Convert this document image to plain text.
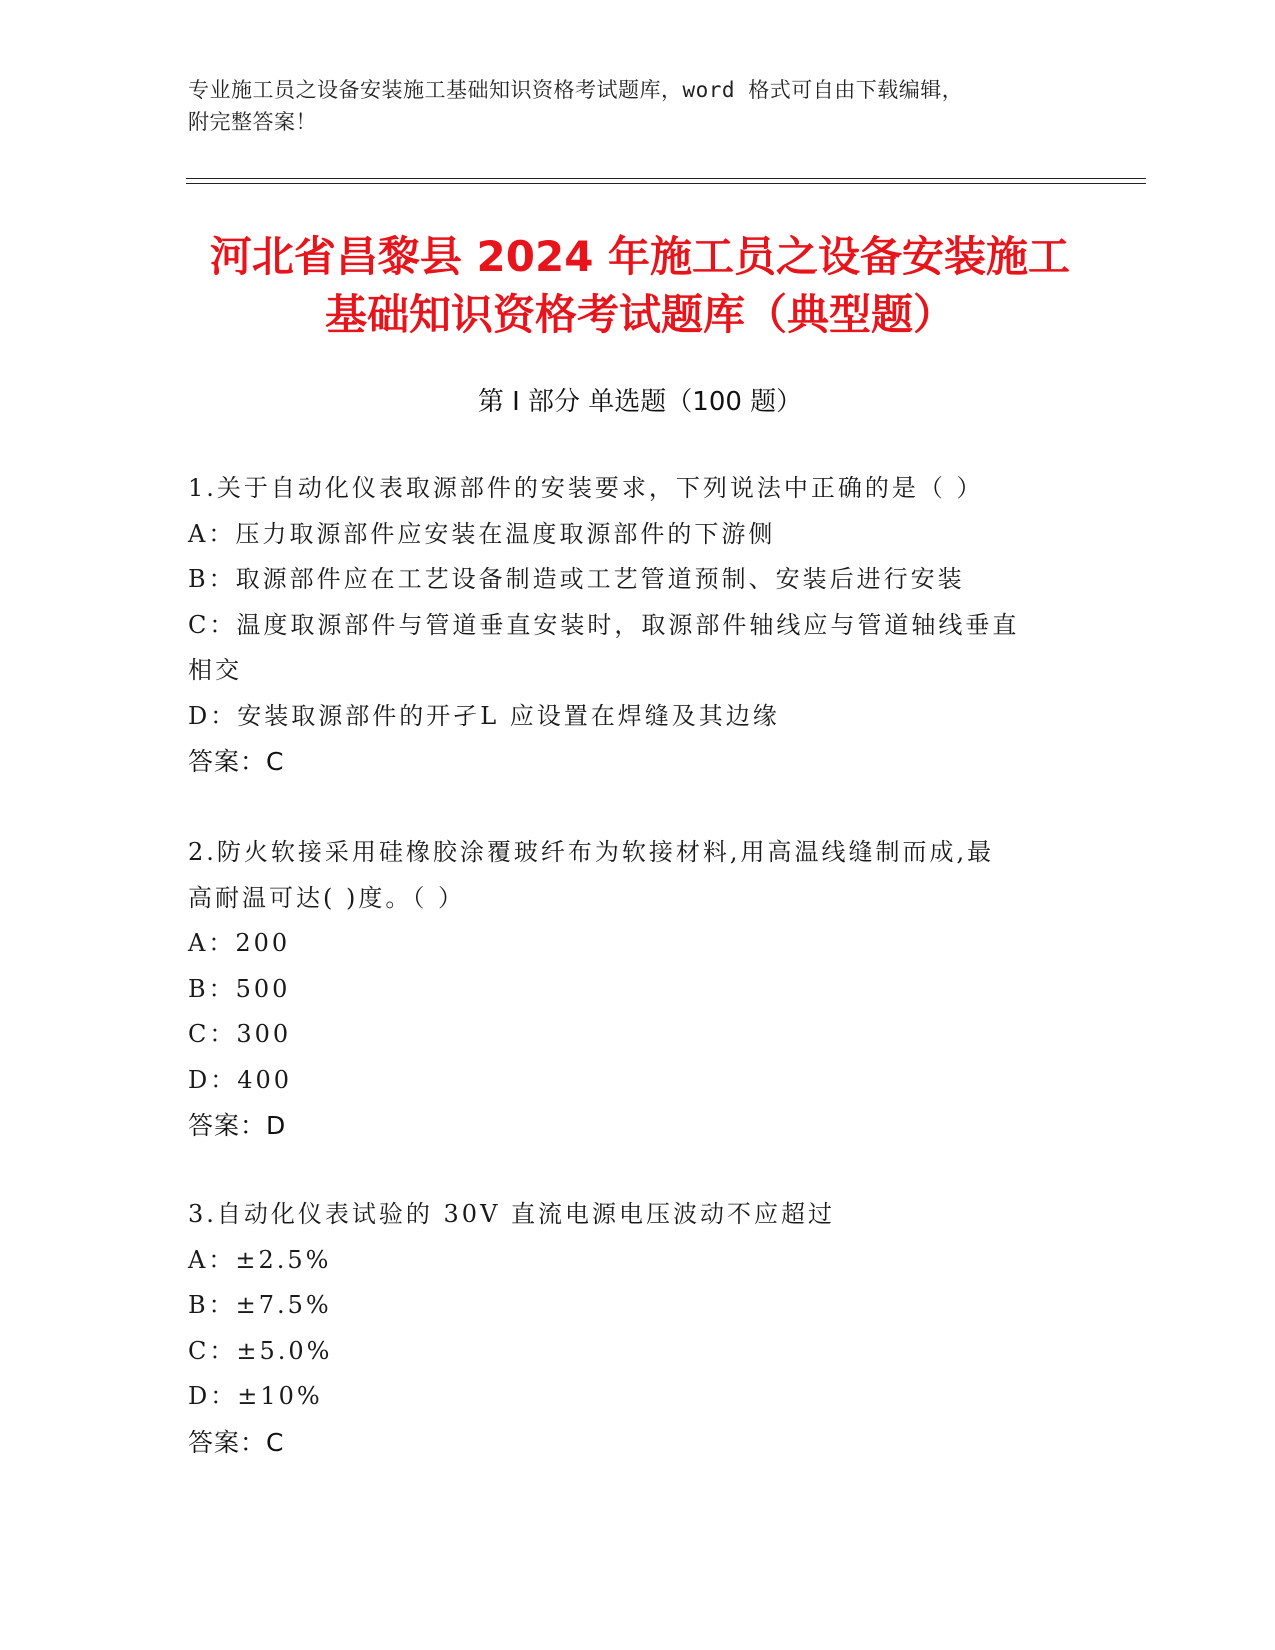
专业施工员之设备安装施工基础知识资格考试题库，word 格式可自由下载编辑，
附完整答案！
河北省昌黎县 2024 年施工员之设备安装施工
基础知识资格考试题库（典型题）
第 I 部分 单选题（100 题）
1.关于自动化仪表取源部件的安装要求，下列说法中正确的是（ ）
A：压力取源部件应安装在温度取源部件的下游侧
B：取源部件应在工艺设备制造或工艺管道预制、安装后进行安装
C：温度取源部件与管道垂直安装时，取源部件轴线应与管道轴线垂直
相交
D：安装取源部件的开孑L 应设置在焊缝及其边缘
答案：C
2.防火软接采用硅橡胶涂覆玻纤布为软接材料,用高温线缝制而成,最
高耐温可达( )度。（ ）
A：200
B：500
C：300
D：400
答案：D
3.自动化仪表试验的 30V 直流电源电压波动不应超过
A：±2.5%
B：±7.5%
C：±5.0%
D：±10%
答案：C
